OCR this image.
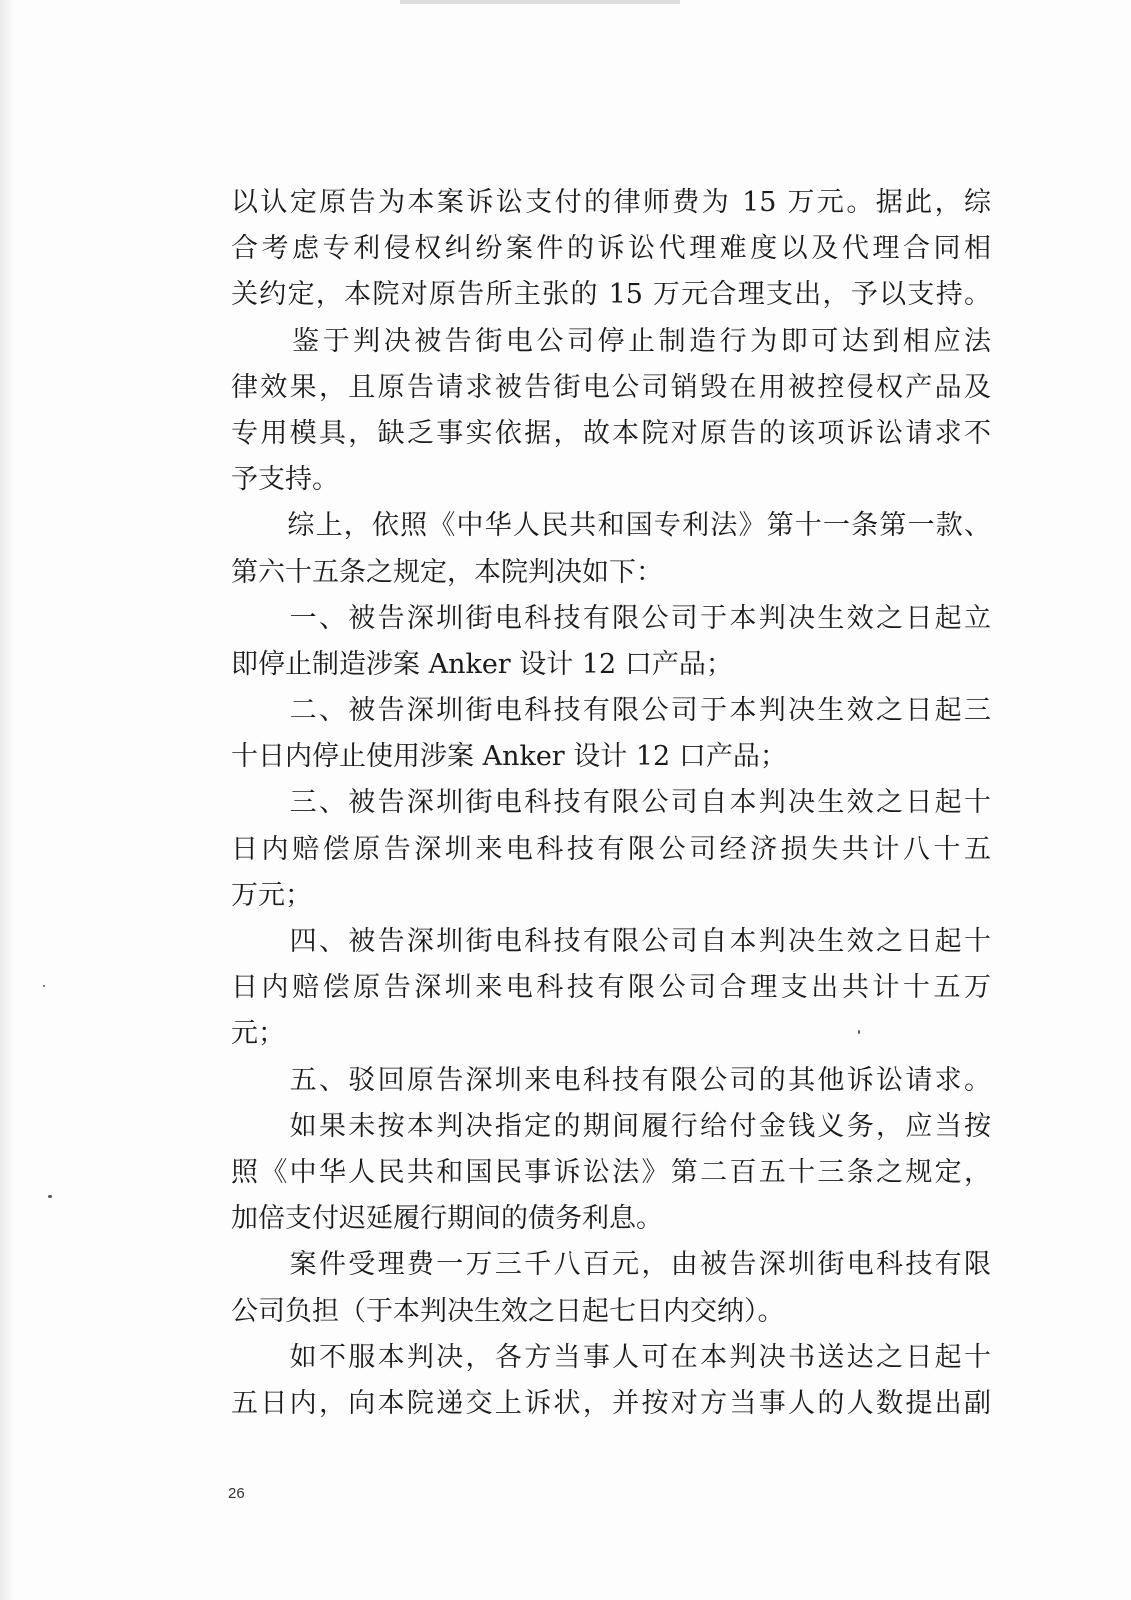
以认定原告为本案诉讼支付的律师费为 15 万元。据此，综
合考虑专利侵权纠纷案件的诉讼代理难度以及代理合同相
关约定，本院对原告所主张的 15 万元合理支出，予以支持。
　　鉴于判决被告街电公司停止制造行为即可达到相应法
律效果，且原告请求被告街电公司销毁在用被控侵权产品及
专用模具，缺乏事实依据，故本院对原告的该项诉讼请求不
予支持。
　　综上，依照《中华人民共和国专利法》第十一条第一款、
第六十五条之规定，本院判决如下：
　　一、被告深圳街电科技有限公司于本判决生效之日起立
即停止制造涉案 Anker 设计 12 口产品；
　　二、被告深圳街电科技有限公司于本判决生效之日起三
十日内停止使用涉案 Anker 设计 12 口产品；
　　三、被告深圳街电科技有限公司自本判决生效之日起十
日内赔偿原告深圳来电科技有限公司经济损失共计八十五
万元；
　　四、被告深圳街电科技有限公司自本判决生效之日起十
日内赔偿原告深圳来电科技有限公司合理支出共计十五万
元；
　　五、驳回原告深圳来电科技有限公司的其他诉讼请求。
　　如果未按本判决指定的期间履行给付金钱义务，应当按
照《中华人民共和国民事诉讼法》第二百五十三条之规定，
加倍支付迟延履行期间的债务利息。
　　案件受理费一万三千八百元，由被告深圳街电科技有限
公司负担（于本判决生效之日起七日内交纳）。
　　如不服本判决，各方当事人可在本判决书送达之日起十
五日内，向本院递交上诉状，并按对方当事人的人数提出副
26
